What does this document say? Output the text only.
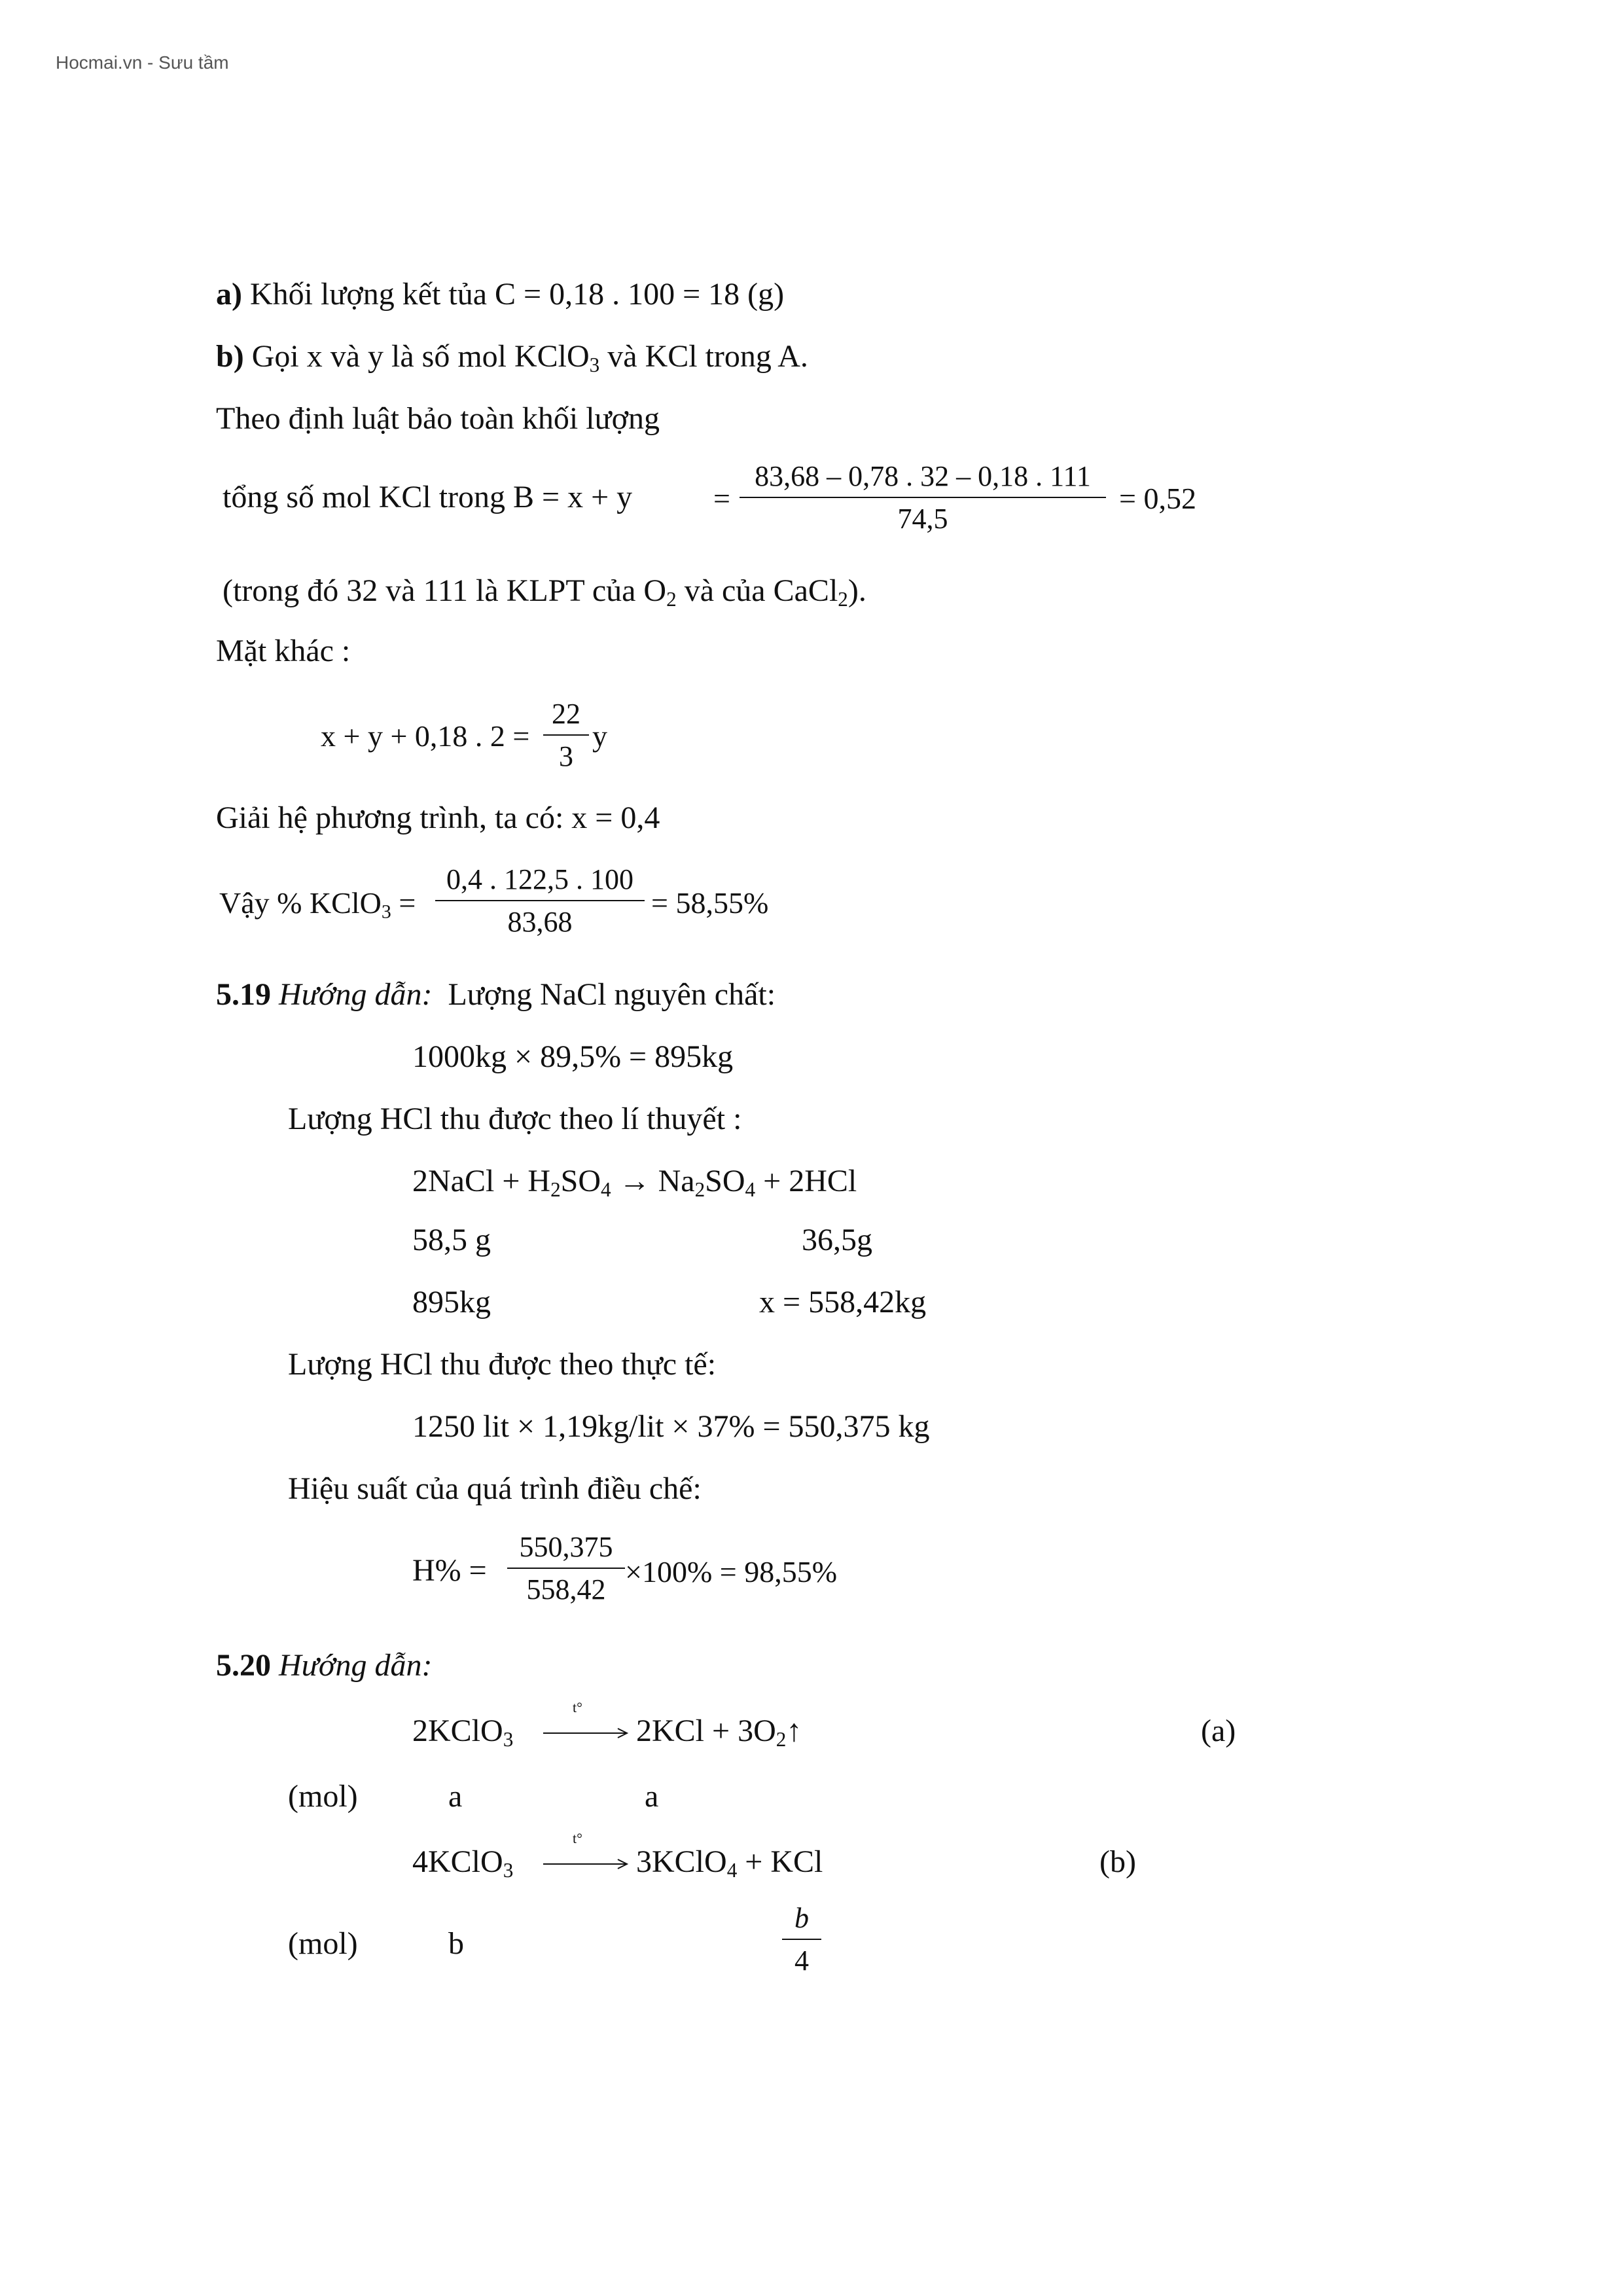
Hocmai.vn - Sưu tầm
a) Khối lượng kết tủa C = 0,18 . 100 = 18 (g)
b) Gọi x và y là số mol KClO$_3$ và KCl trong A.
Theo định luật bảo toàn khối lượng
tổng số mol KCl trong B = x + y	=
83,68 – 0,78 . 32 – 0,18 . 111
74,5
= 0,52
(trong đó 32 và 111 là KLPT của $O_2$ và của CaCl$_2$).
Mặt khác :
x + y + 0,18 . 2 =
22
3
y
Giải hệ phương trình, ta có: x = 0,4
Vậy % KClO$_3$ =
0,4 . 122,5 . 100
83,68
= 58,55%
5.19 Hướng dẫn: Lượng NaCl nguyên chất:
1000kg × 89,5% = 895kg
Lượng HCl thu được theo lí thuyết :
2NaCl + $H_2SO_4 \to Na_2SO_4 + 2HCl$
58,5 g	36,5g
895kg	x = 558,42kg
Lượng HCl thu được theo thực tế:
1250 lit × 1,19kg/lit × 37% = 550,375 kg
Hiệu suất của quá trình điều chế:
H% =
550,375
558,42
×100% = 98,55%
5.20 Hướng dẫn:
2KClO$_3$
t°
$2KCl + 3O_2↑$	(a)
(mol)	a	a
4KClO$_3$
t°
3KClO$_4$ + KCl	(b)
(mol)	b
b
4
